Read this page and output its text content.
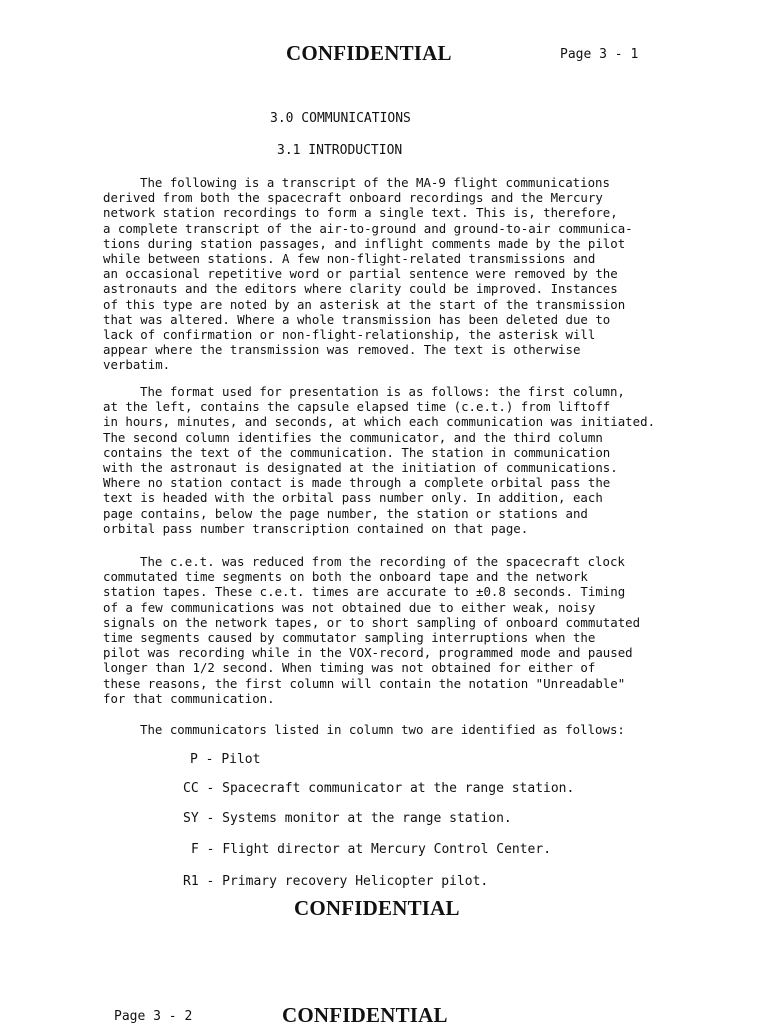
CONFIDENTIAL	Page 3 - 1
3.0 COMMUNICATIONS
3.1 INTRODUCTION
The following is a transcript of the MA-9 flight communications
derived from both the spacecraft onboard recordings and the Mercury
network station recordings to form a single text. This is, therefore,
a complete transcript of the air-to-ground and ground-to-air communica-
tions during station passages, and inflight comments made by the pilot
while between stations. A few non-flight-related transmissions and
an occasional repetitive word or partial sentence were removed by the
astronauts and the editors where clarity could be improved. Instances
of this type are noted by an asterisk at the start of the transmission
that was altered. Where a whole transmission has been deleted due to
lack of confirmation or non-flight-relationship, the asterisk will
appear where the transmission was removed. The text is otherwise
verbatim.
The format used for presentation is as follows: the first column,
at the left, contains the capsule elapsed time (c.e.t.) from liftoff
in hours, minutes, and seconds, at which each communication was initiated.
The second column identifies the communicator, and the third column
contains the text of the communication. The station in communication
with the astronaut is designated at the initiation of communications.
Where no station contact is made through a complete orbital pass the
text is headed with the orbital pass number only. In addition, each
page contains, below the page number, the station or stations and
orbital pass number transcription contained on that page.
The c.e.t. was reduced from the recording of the spacecraft clock
commutated time segments on both the onboard tape and the network
station tapes. These c.e.t. times are accurate to ±0.8 seconds. Timing
of a few communications was not obtained due to either weak, noisy
signals on the network tapes, or to short sampling of onboard commutated
time segments caused by commutator sampling interruptions when the
pilot was recording while in the VOX-record, programmed mode and paused
longer than 1/2 second. When timing was not obtained for either of
these reasons, the first column will contain the notation "Unreadable"
for that communication.
The communicators listed in column two are identified as follows:
P - Pilot
CC - Spacecraft communicator at the range station.
SY - Systems monitor at the range station.
F - Flight director at Mercury Control Center.
R1 - Primary recovery Helicopter pilot.
CONFIDENTIAL
Page 3 - 2	CONFIDENTIAL
